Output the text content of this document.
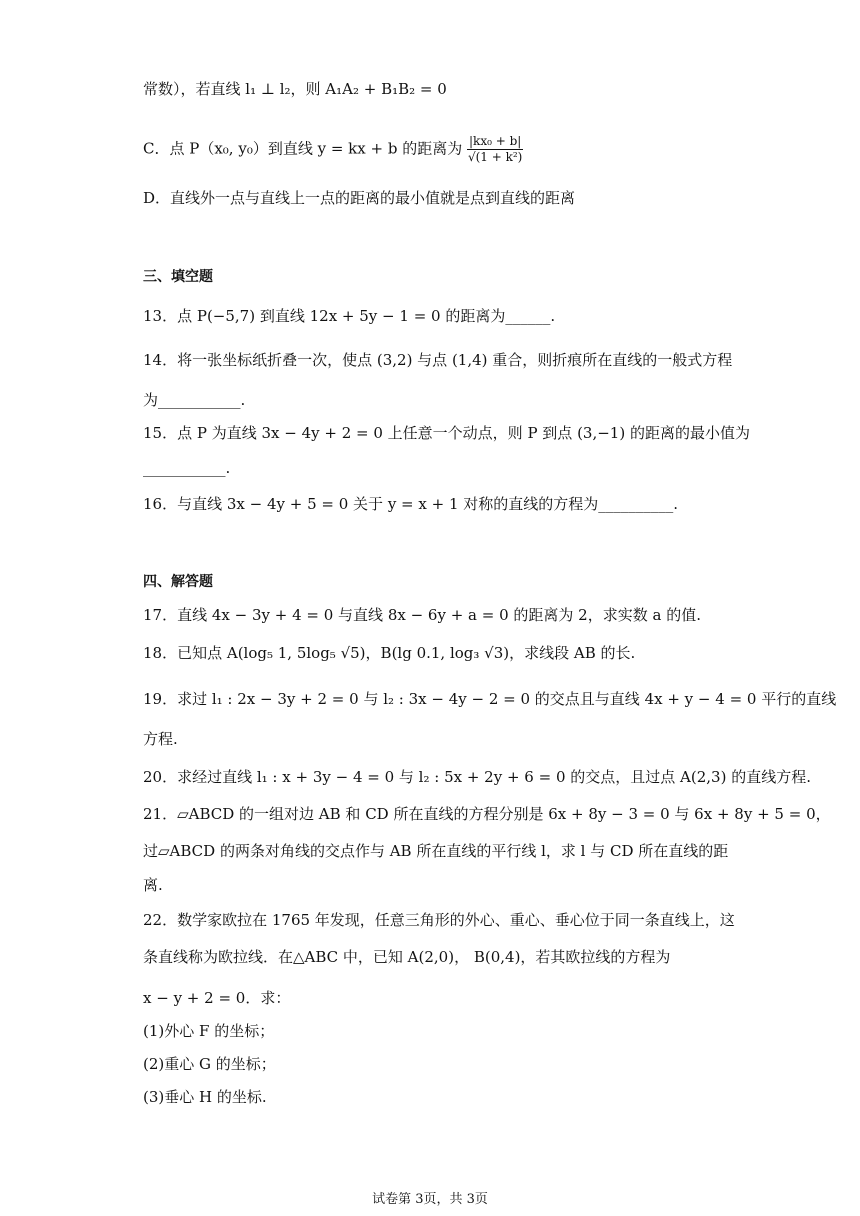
常数），若直线 l₁ ⊥ l₂，则 A₁A₂ + B₁B₂ = 0
C．点 P（x₀, y₀）到直线 y = kx + b 的距离为 $\frac{\text{|kx₀ + b|}}{\text{√(1 + k²)}}$
D．直线外一点与直线上一点的距离的最小值就是点到直线的距离
三、填空题
13．点 P(−5,7) 到直线 12x + 5y − 1 = 0 的距离为______.
14．将一张坐标纸折叠一次，使点 (3,2) 与点 (1,4) 重合，则折痕所在直线的一般式方程
为___________.
15．点 P 为直线 3x − 4y + 2 = 0 上任意一个动点，则 P 到点 (3,−1) 的距离的最小值为
___________.
16．与直线 3x − 4y + 5 = 0 关于 y = x + 1 对称的直线的方程为__________.
四、解答题
17．直线 4x − 3y + 4 = 0 与直线 8x − 6y + a = 0 的距离为 2，求实数 a 的值.
18．已知点 A(log₅ 1, 5log₅ √5)，B(lg 0.1, log₃ √3)，求线段 AB 的长.
19．求过 l₁ : 2x − 3y + 2 = 0 与 l₂ : 3x − 4y − 2 = 0 的交点且与直线 4x + y − 4 = 0 平行的直线
方程.
20．求经过直线 l₁ : x + 3y − 4 = 0 与 l₂ : 5x + 2y + 6 = 0 的交点，且过点 A(2,3) 的直线方程.
21．▱ABCD 的一组对边 AB 和 CD 所在直线的方程分别是 6x + 8y − 3 = 0 与 6x + 8y + 5 = 0，
过▱ABCD 的两条对角线的交点作与 AB 所在直线的平行线 l，求 l 与 CD 所在直线的距
离.
22．数学家欧拉在 1765 年发现，任意三角形的外心、重心、垂心位于同一条直线上，这
条直线称为欧拉线．在△ABC 中，已知 A(2,0)， B(0,4)，若其欧拉线的方程为
x − y + 2 = 0．求：
(1)外心 F 的坐标；
(2)重心 G 的坐标；
(3)垂心 H 的坐标.
试卷第 3页，共 3页
